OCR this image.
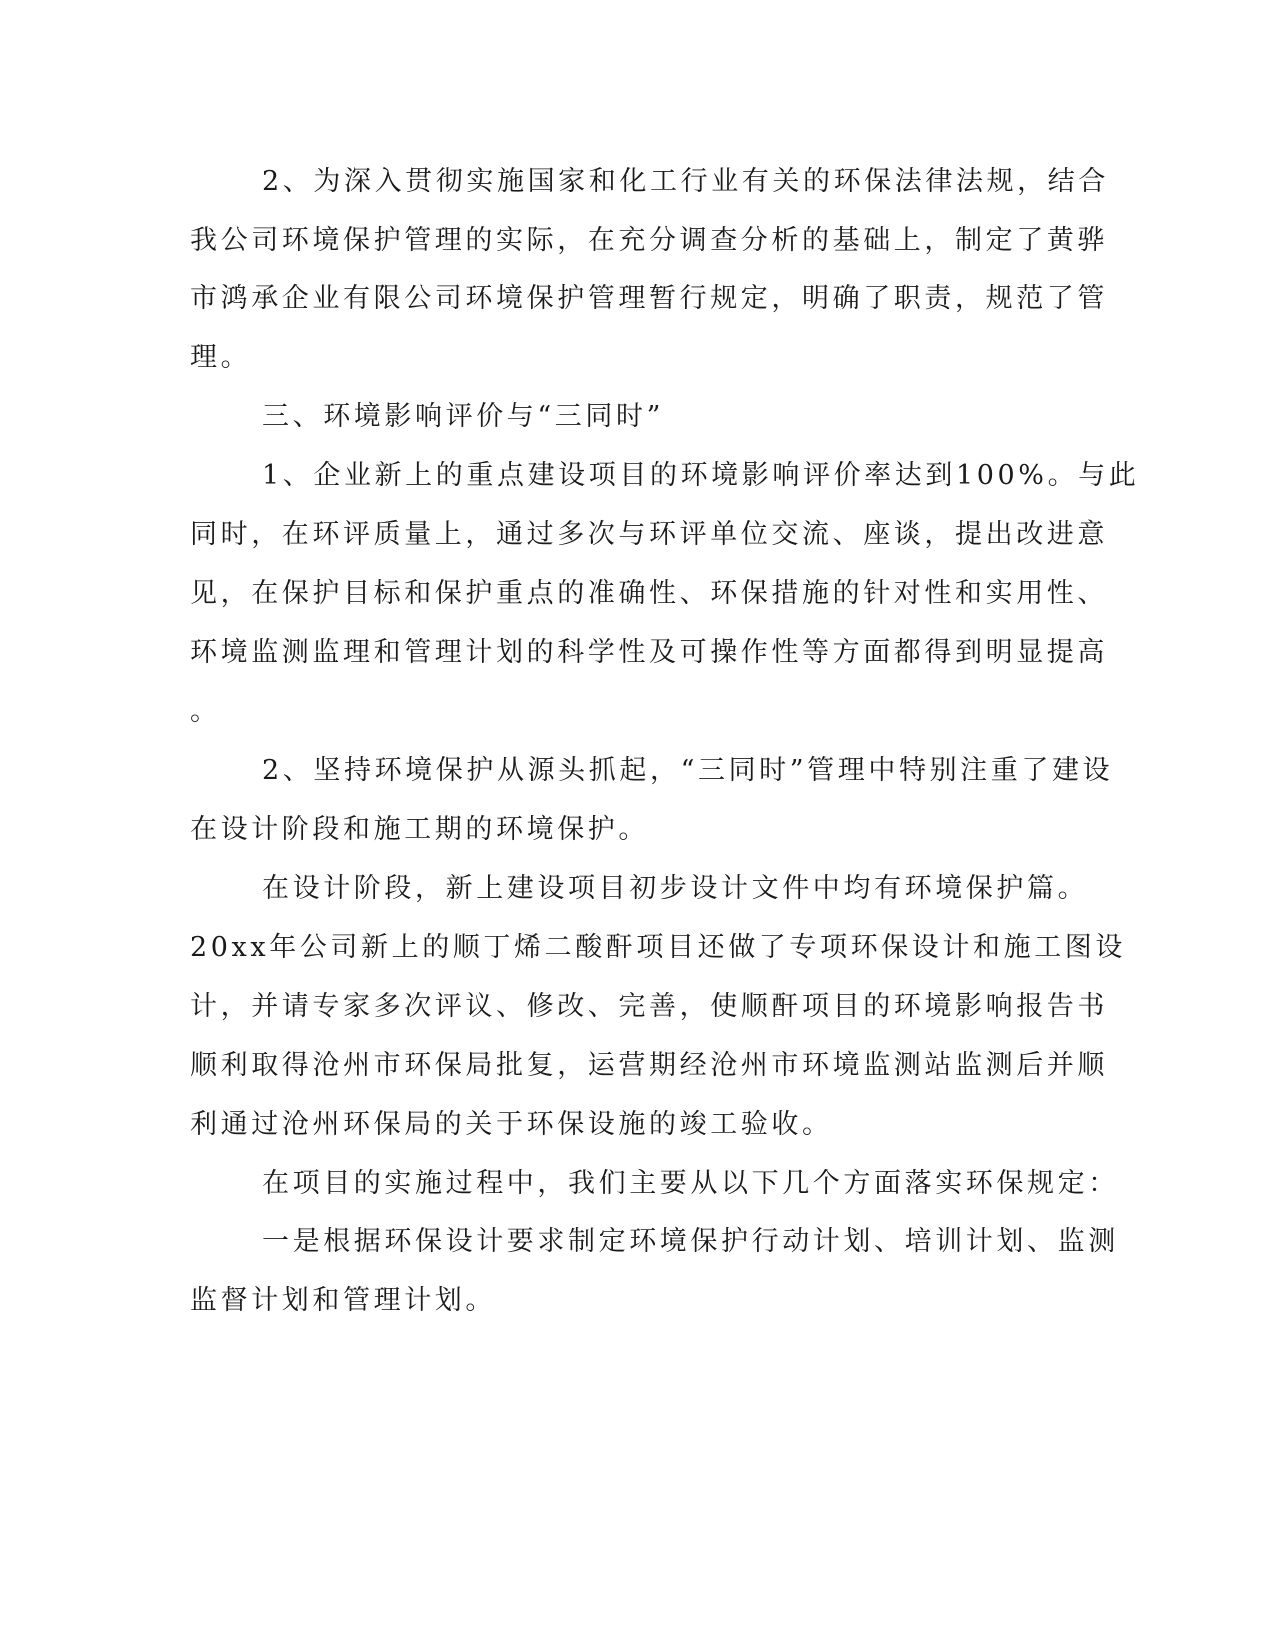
2、为深入贯彻实施国家和化工行业有关的环保法律法规，结合
我公司环境保护管理的实际，在充分调查分析的基础上，制定了黄骅
市鸿承企业有限公司环境保护管理暂行规定，明确了职责，规范了管
理。
三、环境影响评价与“三同时”
1、企业新上的重点建设项目的环境影响评价率达到100%。与此
同时，在环评质量上，通过多次与环评单位交流、座谈，提出改进意
见，在保护目标和保护重点的准确性、环保措施的针对性和实用性、
环境监测监理和管理计划的科学性及可操作性等方面都得到明显提高
。
2、坚持环境保护从源头抓起，“三同时”管理中特别注重了建设
在设计阶段和施工期的环境保护。
在设计阶段，新上建设项目初步设计文件中均有环境保护篇。
20xx年公司新上的顺丁烯二酸酐项目还做了专项环保设计和施工图设
计，并请专家多次评议、修改、完善，使顺酐项目的环境影响报告书
顺利取得沧州市环保局批复，运营期经沧州市环境监测站监测后并顺
利通过沧州环保局的关于环保设施的竣工验收。
在项目的实施过程中，我们主要从以下几个方面落实环保规定：
一是根据环保设计要求制定环境保护行动计划、培训计划、监测
监督计划和管理计划。
